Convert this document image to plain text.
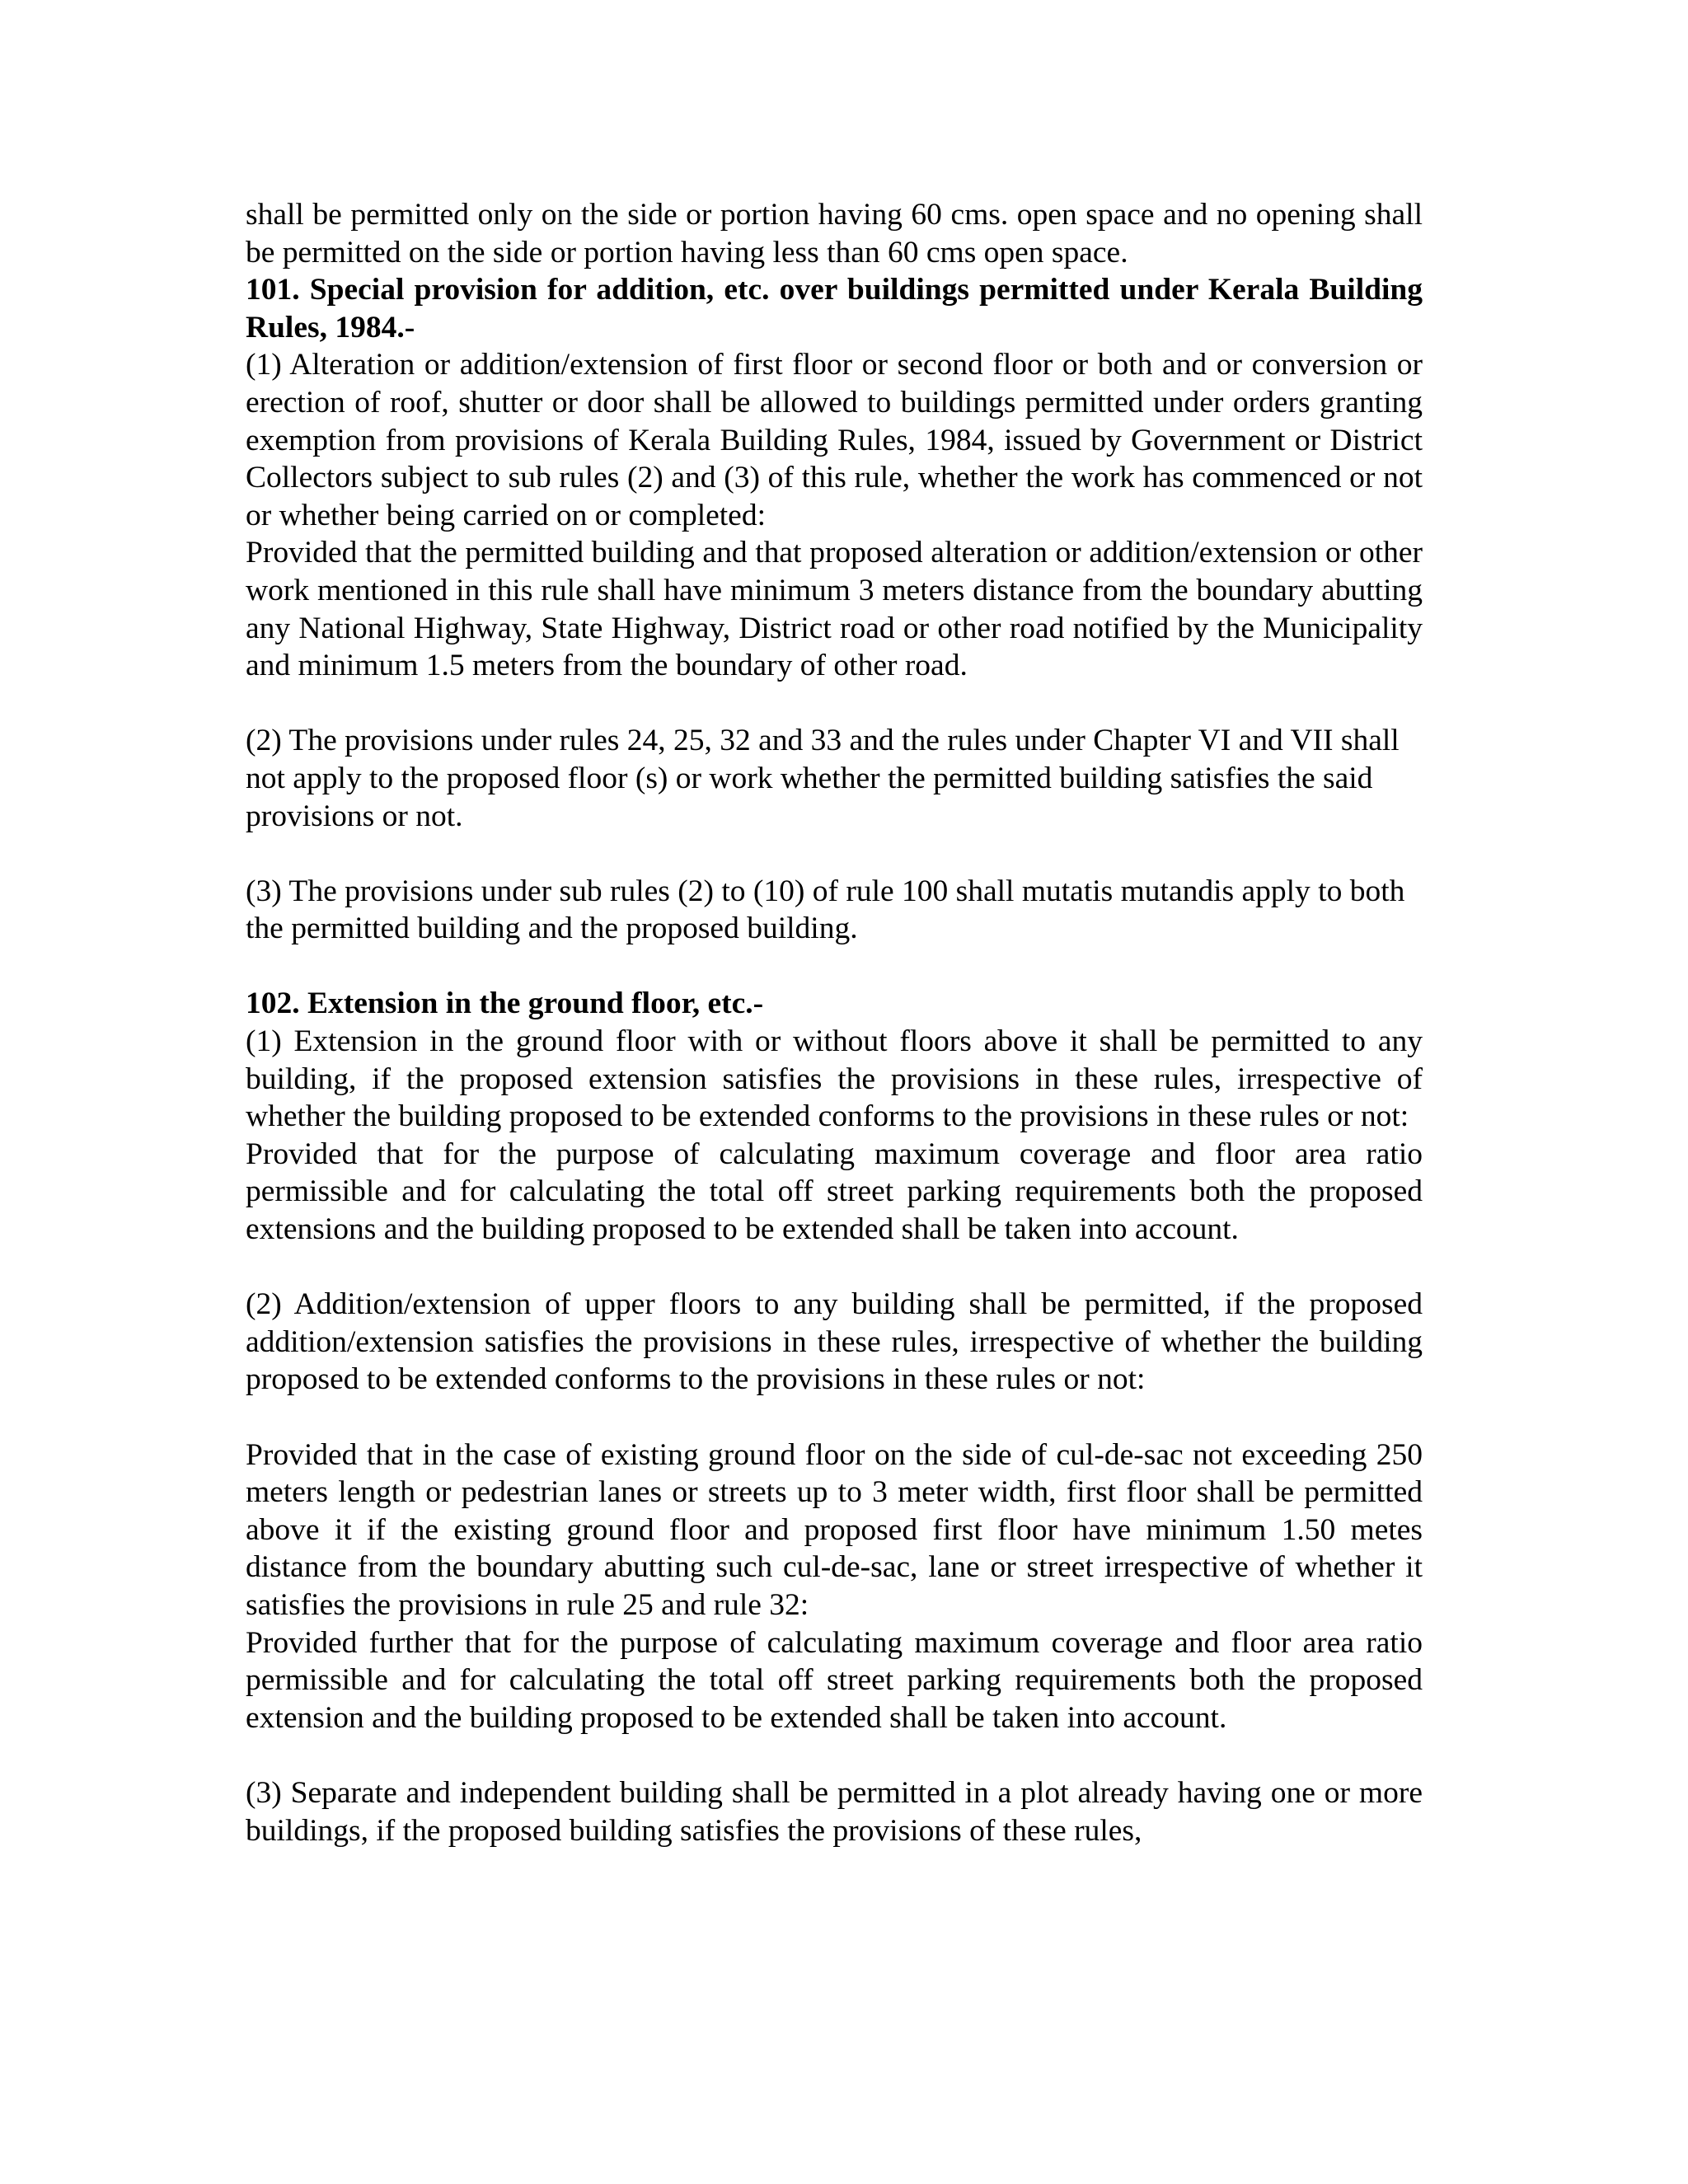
shall be permitted only on the side or portion having 60 cms. open space and no opening shall be permitted on the side or portion having less than 60 cms open space.

101. Special provision for addition, etc. over buildings permitted under Kerala Building Rules, 1984.-

(1) Alteration or addition/extension of first floor or second floor or both and or conversion or erection of roof, shutter or door shall be allowed to buildings permitted under orders granting exemption from provisions of Kerala Building Rules, 1984, issued by Government or District Collectors subject to sub rules (2) and (3) of this rule, whether the work has commenced or not or whether being carried on or completed:

Provided that the permitted building and that proposed alteration or addition/extension or other work mentioned in this rule shall have minimum 3 meters distance from the boundary abutting any National Highway, State Highway, District road or other road notified by the Municipality and minimum 1.5 meters from the boundary of other road.

(2) The provisions under rules 24, 25, 32 and 33 and the rules under Chapter VI and VII shall not apply to the proposed floor (s) or work whether the permitted building satisfies the said provisions or not.

(3) The provisions under sub rules (2) to (10) of rule 100 shall mutatis mutandis apply to both the permitted building and the proposed building.

102. Extension in the ground floor, etc.-

(1) Extension in the ground floor with or without floors above it shall be permitted to any building, if the proposed extension satisfies the provisions in these rules, irrespective of whether the building proposed to be extended conforms to the provisions in these rules or not:

Provided that for the purpose of calculating maximum coverage and floor area ratio permissible and for calculating the total off street parking requirements both the proposed extensions and the building proposed to be extended shall be taken into account.

(2) Addition/extension of upper floors to any building shall be permitted, if the proposed addition/extension satisfies the provisions in these rules, irrespective of whether the building proposed to be extended conforms to the provisions in these rules or not:

Provided that in the case of existing ground floor on the side of cul-de-sac not exceeding 250 meters length or pedestrian lanes or streets up to 3 meter width, first floor shall be permitted above it if the existing ground floor and proposed first floor have minimum 1.50 metes distance from the boundary abutting such cul-de-sac, lane or street irrespective of whether it satisfies the provisions in rule 25 and rule 32:

Provided further that for the purpose of calculating maximum coverage and floor area ratio permissible and for calculating the total off street parking requirements both the proposed extension and the building proposed to be extended shall be taken into account.

(3) Separate and independent building shall be permitted in a plot already having one or more buildings, if the proposed building satisfies the provisions of these rules,
